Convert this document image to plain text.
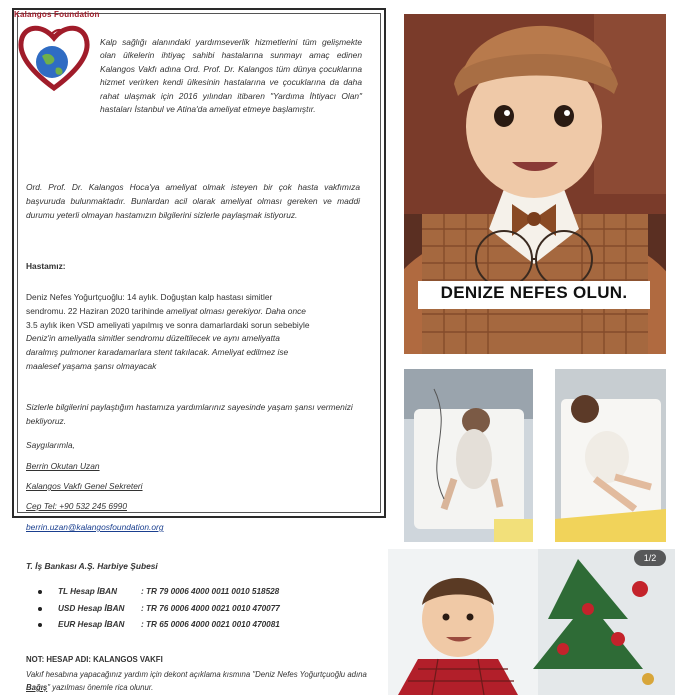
Kalangos Foundation
Kalp sağlığı alanındaki yardımseverlik hizmetlerini tüm gelişmekte olan ülkelerin ihtiyaç sahibi hastalarına sunmayı amaç edinen Kalangos Vakfı adına Ord. Prof. Dr. Kalangos tüm dünya çocuklarına hizmet verirken kendi ülkesinin hastalarına ve çocuklarına da daha rahat ulaşmak için 2016 yılından itibaren "Yardıma İhtiyacı Olan" hastaları İstanbul ve Atina'da ameliyat etmeye başlamıştır.
Ord. Prof. Dr. Kalangos Hoca'ya ameliyat olmak isteyen bir çok hasta vakfımıza başvuruda bulunmaktadır. Bunlardan acil olarak ameliyat olması gereken ve maddi durumu yeterli olmayan hastamızın bilgilerini sizlerle paylaşmak istiyoruz.
Hastamız:
Deniz Nefes Yoğurtçuoğlu: 14 aylık. Doğuştan kalp hastası simitler
sendromu. 22 Haziran 2020 tarihinde ameliyat olması gerekiyor. Daha once
3.5 aylık iken VSD ameliyati yapılmış ve sonra damarlardaki sorun sebebiyle
Deniz'in ameliyatla simitler sendromu düzeltilecek ve aynı ameliyatta
daralmış pulmoner karadamarlara stent takılacak. Ameliyat edilmez ise
maalesef yaşama şansı olmayacak
Sizlerle bilgilerini paylaştığım hastamıza yardımlarınız sayesinde yaşam şansı vermenizi bekliyoruz.
Saygılarımla,
Berrin Okutan Uzan
Kalangos Vakfı Genel Sekreteri
Cep Tel: +90 532 245 6990
berrin.uzan@kalangosfoundation.org
T. İş Bankası A.Ş. Harbiye Şubesi
TL Hesap İBAN	: TR 79 0006 4000 0011 0010 518528
USD Hesap İBAN : TR 76 0006 4000 0021 0010 470077
EUR Hesap İBAN : TR 65 0006 4000 0021 0010 470081
NOT: HESAP ADI: KALANGOS VAKFI
Vakıf hesabına yapacağınız yardım için dekont açıklama kısmına "Deniz Nefes Yoğurtçuoğlu adına Bağış" yazılması önemle rica olunur.
DENIZE NEFES OLUN.
1/2
